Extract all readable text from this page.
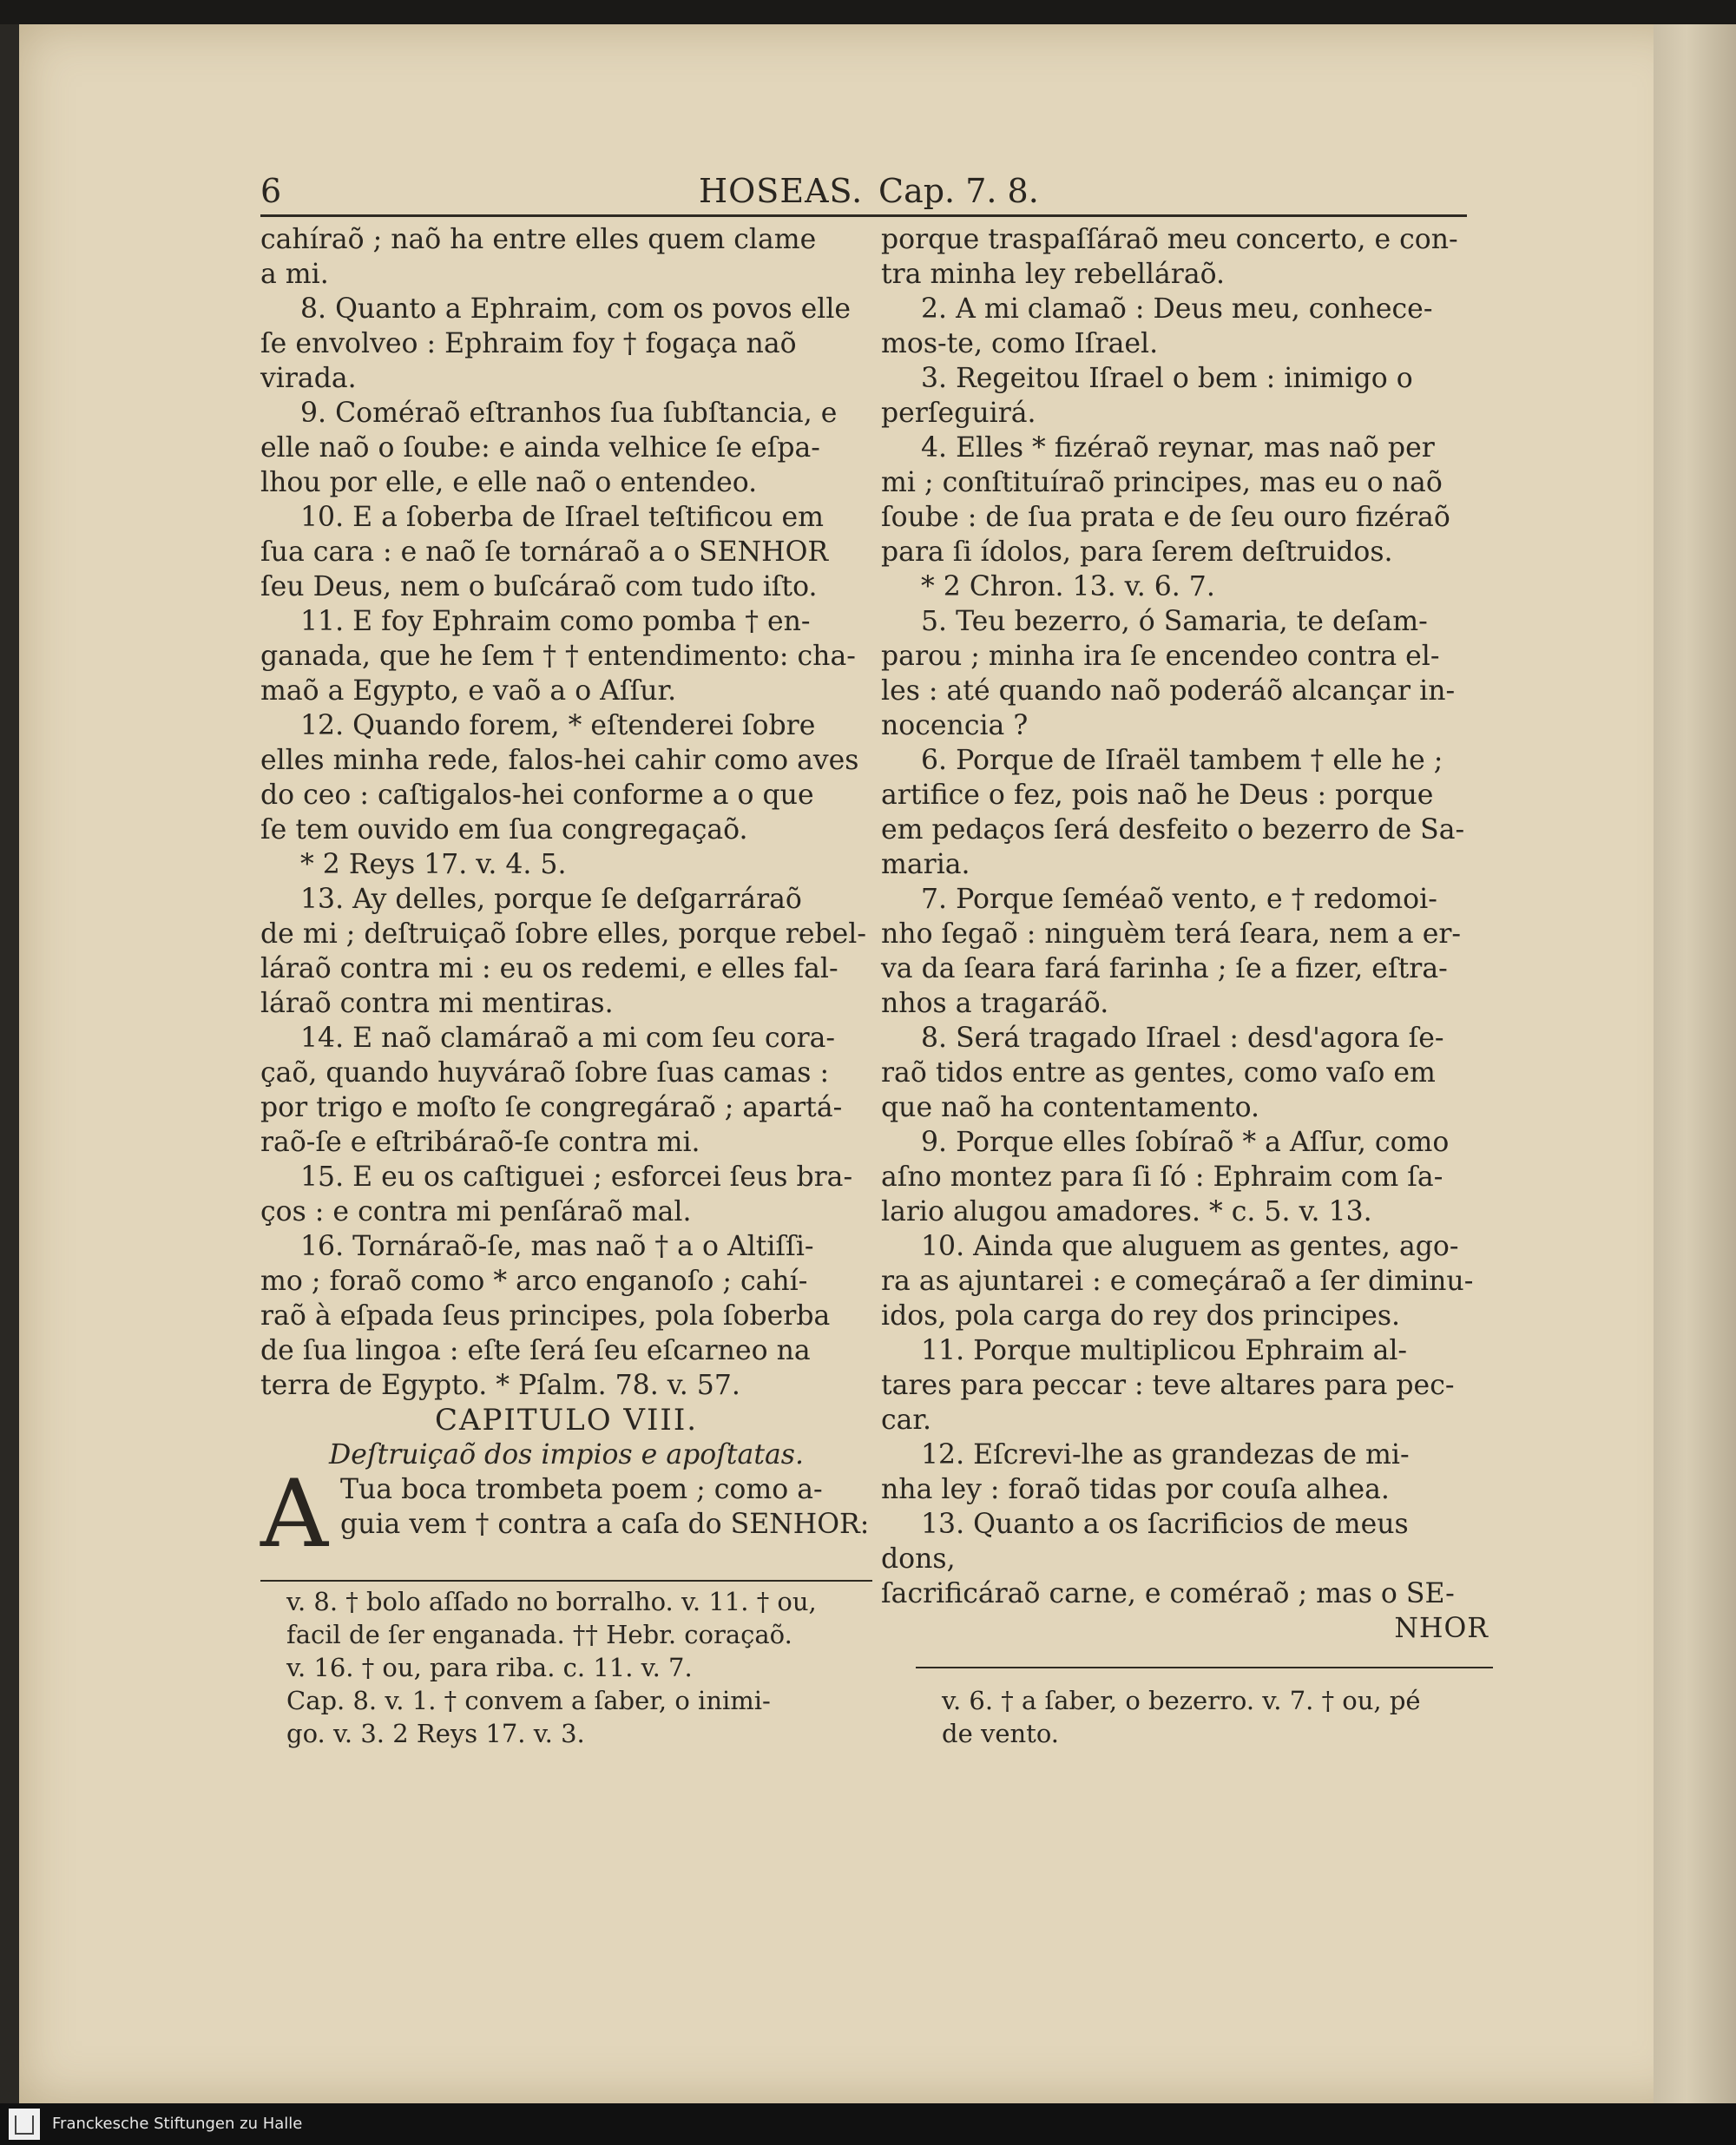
6	HOSEAS. Cap. 7. 8.

cahíraõ ; naõ ha entre elles quem clame

a mi.

8. Quanto a Ephraim, com os povos elle

ſe envolveo : Ephraim foy † fogaça naõ

virada.

9. Coméraõ eſtranhos ſua ſubſtancia, e

elle naõ o ſoube: e ainda velhice ſe eſpa-

lhou por elle, e elle naõ o entendeo.

10. E a ſoberba de Iſrael teſtificou em

ſua cara : e naõ ſe tornáraõ a o SENHOR

ſeu Deus, nem o buſcáraõ com tudo iſto.

11. E foy Ephraim como pomba † en-

ganada, que he ſem † † entendimento: cha-

maõ a Egypto, e vaõ a o Aſſur.

12. Quando forem, * eſtenderei ſobre

elles minha rede, falos-hei cahir como aves

do ceo : caſtigalos-hei conforme a o que

ſe tem ouvido em ſua congregaçaõ.

* 2 Reys 17. v. 4. 5.

13. Ay delles, porque ſe deſgarráraõ

de mi ; deſtruiçaõ ſobre elles, porque rebel-

láraõ contra mi : eu os redemi, e elles fal-

láraõ contra mi mentiras.

14. E naõ clamáraõ a mi com ſeu cora-

çaõ, quando huyváraõ ſobre ſuas camas :

por trigo e moſto ſe congregáraõ ; apartá-

raõ-ſe e eſtribáraõ-ſe contra mi.

15. E eu os caſtiguei ; esforcei ſeus bra-

ços : e contra mi penſáraõ mal.

16. Tornáraõ-ſe, mas naõ † a o Altiſſi-

mo ; foraõ como * arco enganoſo ; cahí-

raõ à eſpada ſeus principes, pola ſoberba

de ſua lingoa : eſte ſerá ſeu eſcarneo na

terra de Egypto. * Pſalm. 78. v. 57.

CAPITULO VIII.

Deſtruiçaõ dos impios e apoſtatas.

A Tua boca trombeta poem ; como a-

guia vem † contra a caſa do SENHOR:

v. 8. † bolo aſſado no borralho. v. 11. † ou,

facil de ſer enganada. †† Hebr. coraçaõ.

v. 16. † ou, para riba. c. 11. v. 7.

Cap. 8. v. 1. † convem a ſaber, o inimi-

go. v. 3. 2 Reys 17. v. 3.

porque traspaſſáraõ meu concerto, e con-

tra minha ley rebelláraõ.

2. A mi clamaõ : Deus meu, conhece-

mos-te, como Iſrael.

3. Regeitou Iſrael o bem : inimigo o

perſeguirá.

4. Elles * fizéraõ reynar, mas naõ per

mi ; conſtituíraõ principes, mas eu o naõ

ſoube : de ſua prata e de ſeu ouro fizéraõ

para ſi ídolos, para ſerem deſtruidos.

* 2 Chron. 13. v. 6. 7.

5. Teu bezerro, ó Samaria, te deſam-

parou ; minha ira ſe encendeo contra el-

les : até quando naõ poderáõ alcançar in-

nocencia ?

6. Porque de Iſraël tambem † elle he ;

artifice o fez, pois naõ he Deus : porque

em pedaços ſerá desfeito o bezerro de Sa-

maria.

7. Porque ſeméaõ vento, e † redomoi-

nho ſegaõ : ninguèm terá ſeara, nem a er-

va da ſeara fará farinha ; ſe a fizer, eſtra-

nhos a tragaráõ.

8. Será tragado Iſrael : desd'agora ſe-

raõ tidos entre as gentes, como vaſo em

que naõ ha contentamento.

9. Porque elles ſobíraõ * a Aſſur, como

aſno montez para ſi ſó : Ephraim com ſa-

lario alugou amadores. * c. 5. v. 13.

10. Ainda que aluguem as gentes, ago-

ra as ajuntarei : e começáraõ a ſer diminu-

idos, pola carga do rey dos principes.

11. Porque multiplicou Ephraim al-

tares para peccar : teve altares para pec-

car.

12. Eſcrevi-lhe as grandezas de mi-

nha ley : foraõ tidas por couſa alhea.

13. Quanto a os ſacrificios de meus dons,

ſacrificáraõ carne, e coméraõ ; mas o SE-

NHOR

v. 6. † a ſaber, o bezerro. v. 7. † ou, pé

de vento.

Franckesche Stiftungen zu Halle
